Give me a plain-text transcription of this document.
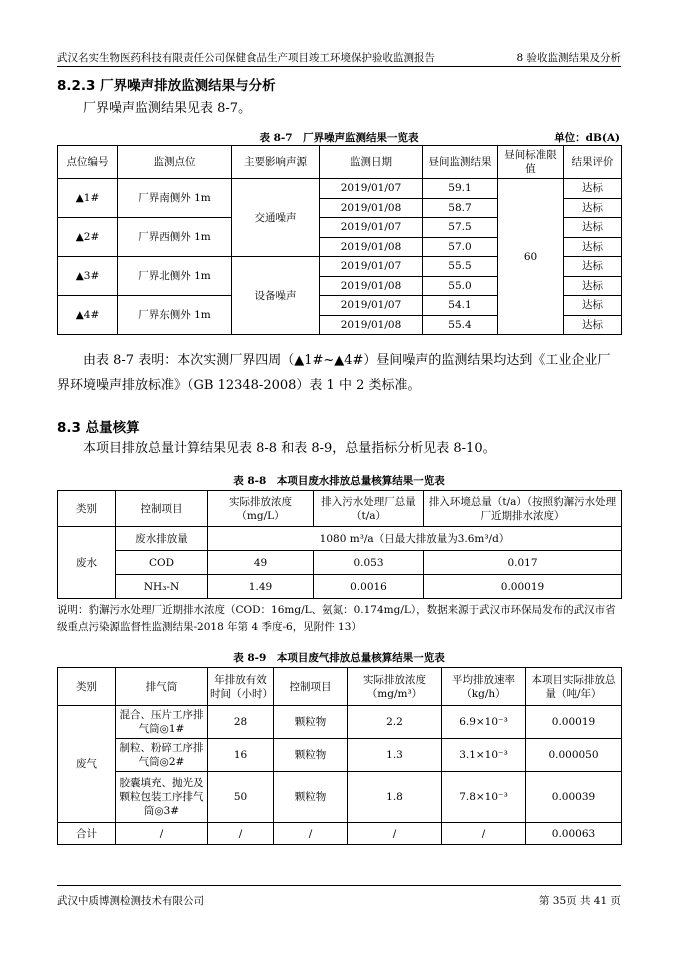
武汉名实生物医药科技有限责任公司保健食品生产项目竣工环境保护验收监测报告	8 验收监测结果及分析
8.2.3 厂界噪声排放监测结果与分析
厂界噪声监测结果见表 8-7。
表 8-7　厂界噪声监测结果一览表	单位：dB(A)
点位编号	监测点位	主要影响声源	监测日期	昼间监测结果	昼间标准限值	结果评价
▲1#	厂界南侧外 1m	交通噪声	2019/01/07	59.1	60	达标
			2019/01/08	58.7		达标
▲2#	厂界西侧外 1m		2019/01/07	57.5		达标
			2019/01/08	57.0		达标
▲3#	厂界北侧外 1m	设备噪声	2019/01/07	55.5		达标
			2019/01/08	55.0		达标
▲4#	厂界东侧外 1m		2019/01/07	54.1		达标
			2019/01/08	55.4		达标
由表 8-7 表明：本次实测厂界四周（▲1#~▲4#）昼间噪声的监测结果均达到《工业企业厂界环境噪声排放标准》（GB 12348-2008）表 1 中 2 类标准。
8.3 总量核算
本项目排放总量计算结果见表 8-8 和表 8-9，总量指标分析见表 8-10。
表 8-8　本项目废水排放总量核算结果一览表
类别	控制项目	实际排放浓度（mg/L）	排入污水处理厂总量（t/a）	排入环境总量（t/a）（按照豹澥污水处理厂近期排水浓度）
废水	废水排放量	1080 m³/a（日最大排放量为3.6m³/d）		
	COD	49	0.053	0.017
	NH₃-N	1.49	0.0016	0.00019
说明：豹澥污水处理厂近期排水浓度（COD：16mg/L、氨氮：0.174mg/L），数据来源于武汉市环保局发布的武汉市省级重点污染源监督性监测结果-2018 年第 4 季度-6，见附件 13）
表 8-9　本项目废气排放总量核算结果一览表
类别	排气筒	年排放有效时间（小时）	控制项目	实际排放浓度（mg/m³）	平均排放速率（kg/h）	本项目实际排放总量（吨/年）
废气	混合、压片工序排气筒◎1#	28	颗粒物	2.2	6.9×10⁻³	0.00019
	制粒、粉碎工序排气筒◎2#	16	颗粒物	1.3	3.1×10⁻³	0.000050
	胶囊填充、抛光及颗粒包装工序排气筒◎3#	50	颗粒物	1.8	7.8×10⁻³	0.00039
合计	/	/	/	/	/	0.00063
武汉中质博测检测技术有限公司	第 35页 共 41 页
